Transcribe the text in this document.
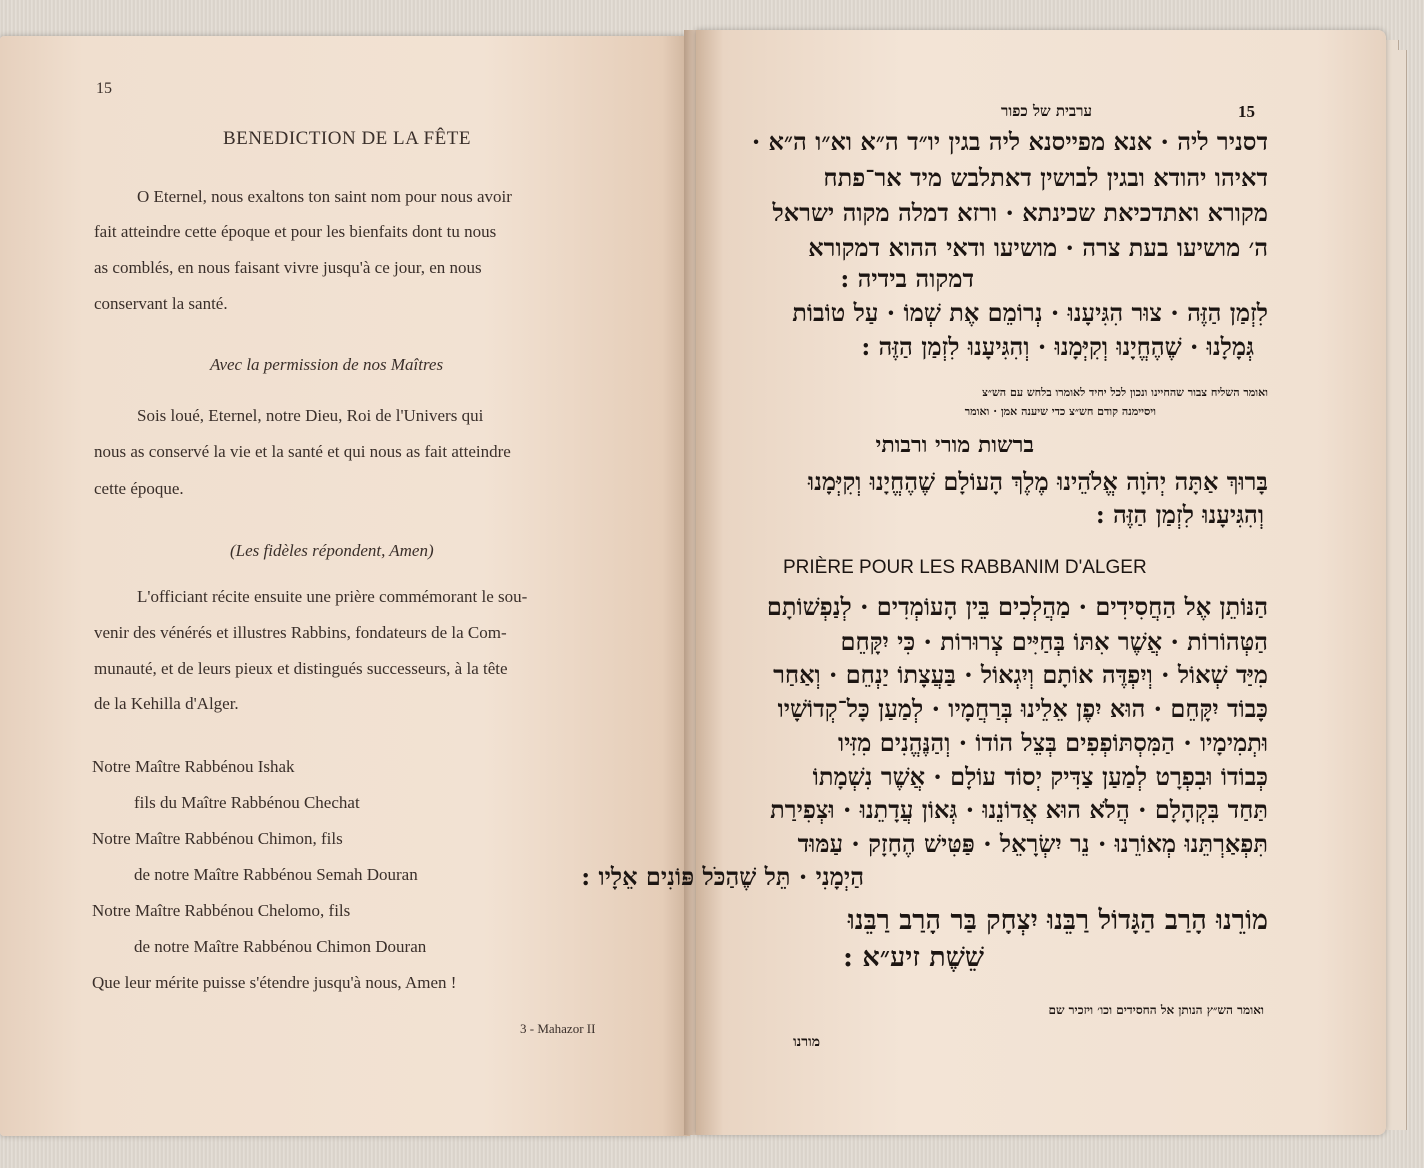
15
BENEDICTION DE LA FÊTE
O Eternel, nous exaltons ton saint nom pour nous avoir
fait atteindre cette époque et pour les bienfaits dont tu nous
as comblés, en nous faisant vivre jusqu'à ce jour, en nous
conservant la santé.
Avec la permission de nos Maîtres
Sois loué, Eternel, notre Dieu, Roi de l'Univers qui
nous as conservé la vie et la santé et qui nous as fait atteindre
cette époque.
(Les fidèles répondent, Amen)
L'officiant récite ensuite une prière commémorant le sou-
venir des vénérés et illustres Rabbins, fondateurs de la Com-
munauté, et de leurs pieux et distingués successeurs, à la tête
de la Kehilla d'Alger.
Notre Maître Rabbénou Ishak
fils du Maître Rabbénou Chechat
Notre Maître Rabbénou Chimon, fils
de notre Maître Rabbénou Semah Douran
Notre Maître Rabbénou Chelomo, fils
de notre Maître Rabbénou Chimon Douran
Que leur mérite puisse s'étendre jusqu'à nous, Amen !
3 - Mahazor II
15
ערבית של כפור
דסניר ליה · אנא מפייסנא ליה בגין יו״ד ה״א וא״ו ה״א ·
דאיהו יהודא ובגין לבושין דאתלבש מיד אר־פתח
מקורא ואתדכיאת שכינתא · ורזא דמלה מקוה ישראל
ה׳ מושיעו בעת צרה · מושיעו ודאי ההוא דמקורא
דמקוה בידיה :
לִזְמַן הַזֶּה · צוּר הִגִּיעָנוּ · נְרוֹמֵם אֶת שְׁמוֹ · עַל טוֹבוֹת
גְּמָלָנוּ · שֶׁהֶחֱיָנוּ וְקִיְּמָנוּ · וְהִגִּיעָנוּ לִזְמַן הַזֶּה :
ואומר השליח צבור שהחיינו ונכון לכל יחיד לאומרו בלחש עם הש״צ
ויסיימנה קודם חש״צ כדי שיענה אמן · ואומר
ברשות מורי ורבותי
בָּרוּךְ אַתָּה יְהֹוָה אֱלֹהֵינוּ מֶלֶךְ הָעוֹלָם שֶׁהֶחֱיָנוּ וְקִיְּמָנוּ
וְהִגִּיעָנוּ לִזְמַן הַזֶּה :
PRIÈRE POUR LES RABBANIM D'ALGER
הַנּוֹתֵן אֶל הַחֲסִידִים · מַהֲלְכִים בֵּין הָעוֹמְדִים · לְנַפְשׁוֹתָם
הַטְּהוֹרוֹת · אֲשֶׁר אִתּוֹ בְּחַיִּים צְרוּרוֹת · כִּי יִקָּחֵם
מִיַּד שְׁאוֹל · וְיִפְדֶּה אוֹתָם וְיִגְאוֹל · בַּעֲצָתוֹ יַנְחֵם · וְאַחַר
כָּבוֹד יִקָּחֵם · הוּא יִפֶן אֵלֵינוּ בְּרַחֲמָיו · לְמַעַן כָּל־קְדוֹשָׁיו
וּתְמִימָיו · הַמִּסְתּוֹפְפִים בְּצֵל הוֹדוֹ · וְהַנֶּהֱנִים מִזִּיו
כְּבוֹדוֹ וּבִפְרָט לְמַעַן צַדִּיק יְסוֹד עוֹלָם · אֲשֶׁר נִשְׁמָתוֹ
תַּחַד בִּקְהָלָם · הֲלֹא הוּא אֲדוֹנֵנוּ · גְּאוֹן עֲדָתֵנוּ · וּצְפִירַת
תִּפְאַרְתֵּנוּ מְאוֹרֵנוּ · נֵר יִשְׂרָאֵל · פַּטִּישׁ הֶחָזָק · עַמּוּד
הַיְמָנִי · תֵּל שֶׁהַכֹּל פּוֹנִים אֵלָיו :
מוֹרֵנוּ הָרַב הַגָּדוֹל רַבֵּנוּ יִצְחָק בַּר הָרַב רַבֵּנוּ
שֵׁשֶׁת זיע״א :
ואומר הש״ץ הנותן אל החסידים וכו׳ ויזכיר שם
מורנו
